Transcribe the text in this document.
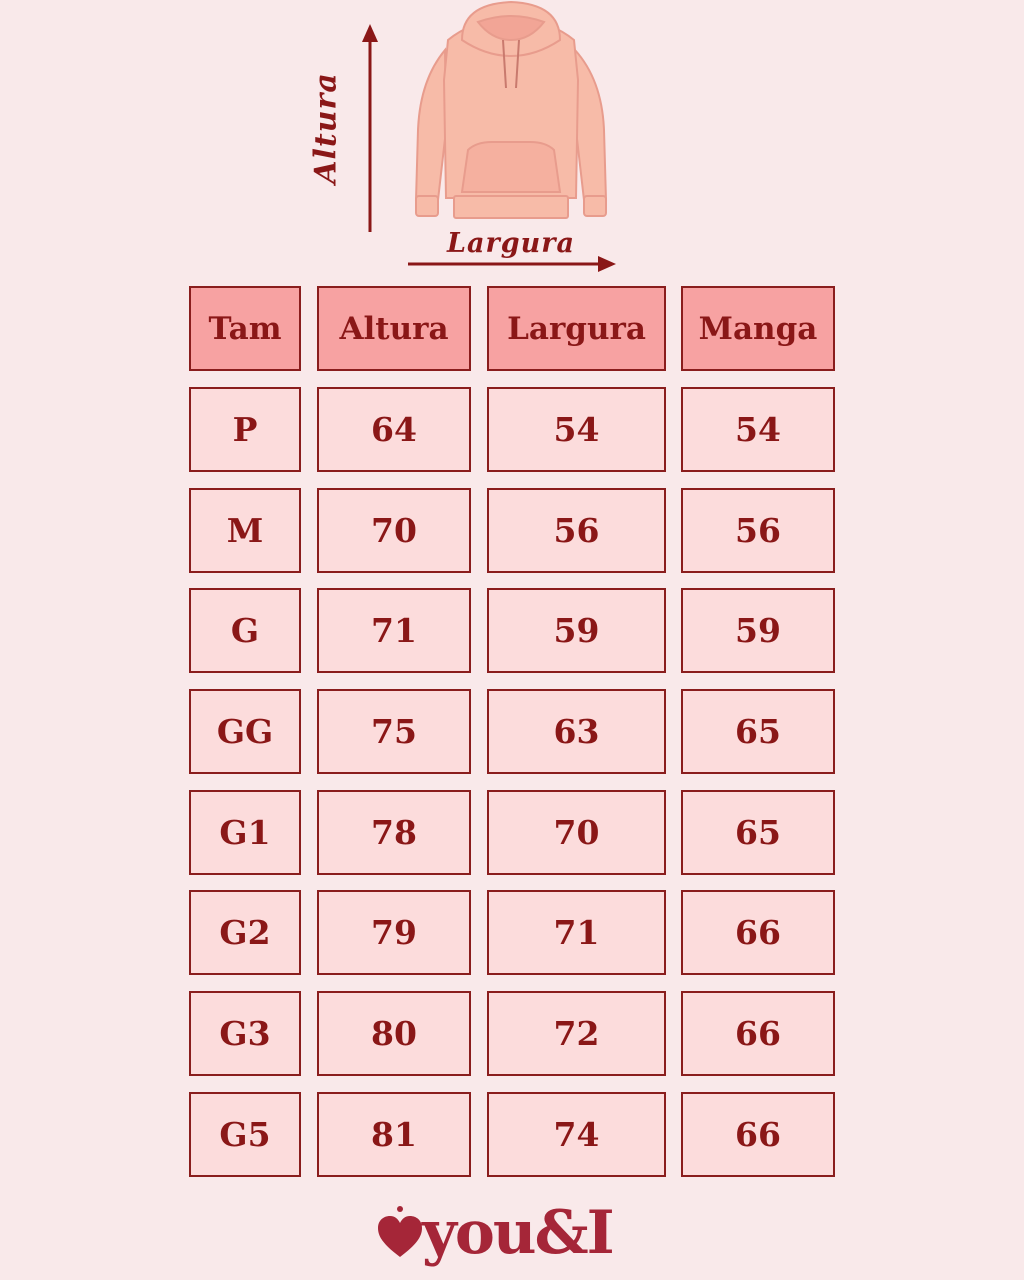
Altura
Largura
Tam	Altura	Largura	Manga
P	64	54	54
M	70	56	56
G	71	59	59
GG	75	63	65
G1	78	70	65
G2	79	71	66
G3	80	72	66
G5	81	74	66
you&I
